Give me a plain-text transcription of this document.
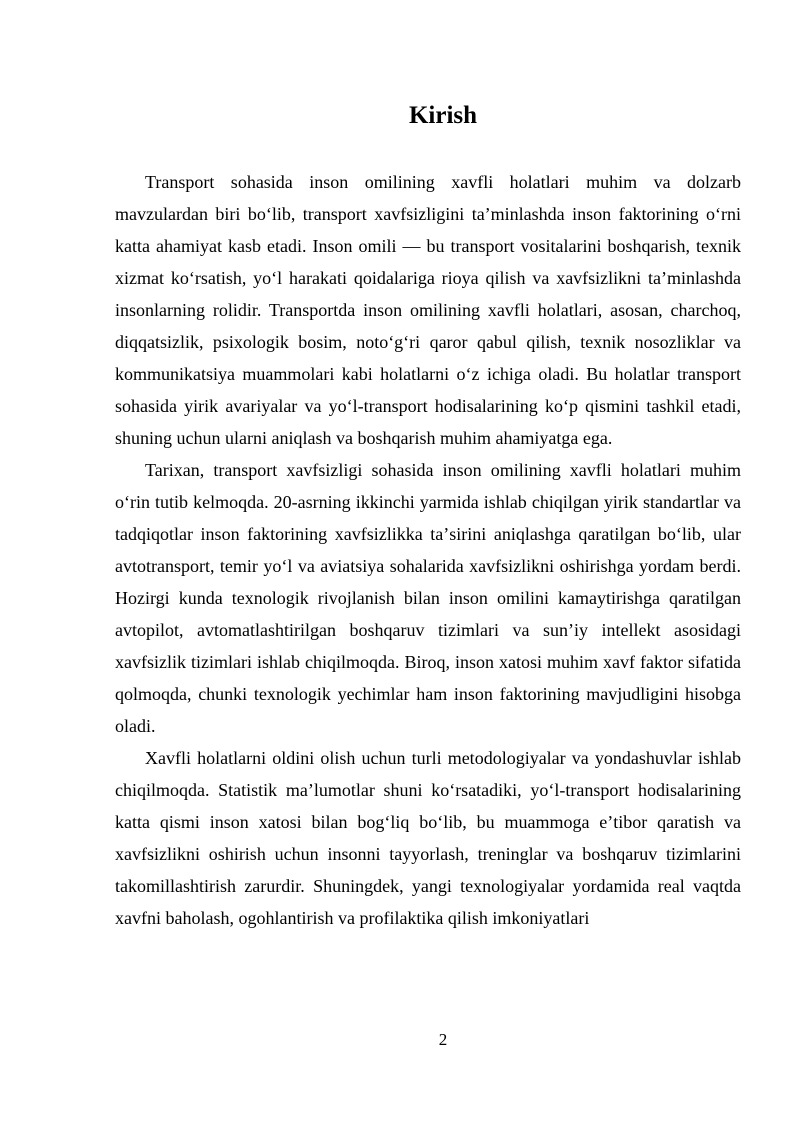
Kirish

Transport sohasida inson omilining xavfli holatlari muhim va dolzarb mavzulardan biri boʻlib, transport xavfsizligini taʼminlashda inson faktorining oʻrni katta ahamiyat kasb etadi. Inson omili — bu transport vositalarini boshqarish, texnik xizmat koʻrsatish, yoʻl harakati qoidalariga rioya qilish va xavfsizlikni taʼminlashda insonlarning rolidir. Transportda inson omilining xavfli holatlari, asosan, charchoq, diqqatsizlik, psixologik bosim, notoʻgʻri qaror qabul qilish, texnik nosozliklar va kommunikatsiya muammolari kabi holatlarni oʻz ichiga oladi. Bu holatlar transport sohasida yirik avariyalar va yoʻl-transport hodisalarining koʻp qismini tashkil etadi, shuning uchun ularni aniqlash va boshqarish muhim ahamiyatga ega.

Tarixan, transport xavfsizligi sohasida inson omilining xavfli holatlari muhim oʻrin tutib kelmoqda. 20-asrning ikkinchi yarmida ishlab chiqilgan yirik standartlar va tadqiqotlar inson faktorining xavfsizlikka taʼsirini aniqlashga qaratilgan boʻlib, ular avtotransport, temir yoʻl va aviatsiya sohalarida xavfsizlikni oshirishga yordam berdi. Hozirgi kunda texnologik rivojlanish bilan inson omilini kamaytirishga qaratilgan avtopilot, avtomatlashtirilgan boshqaruv tizimlari va sunʼiy intellekt asosidagi xavfsizlik tizimlari ishlab chiqilmoqda. Biroq, inson xatosi muhim xavf faktor sifatida qolmoqda, chunki texnologik yechimlar ham inson faktorining mavjudligini hisobga oladi.

Xavfli holatlarni oldini olish uchun turli metodologiyalar va yondashuvlar ishlab chiqilmoqda. Statistik maʼlumotlar shuni koʻrsatadiki, yoʻl-transport hodisalarining katta qismi inson xatosi bilan bogʻliq boʻlib, bu muammoga eʼtibor qaratish va xavfsizlikni oshirish uchun insonni tayyorlash, treninglar va boshqaruv tizimlarini takomillashtirish zarurdir. Shuningdek, yangi texnologiyalar yordamida real vaqtda xavfni baholash, ogohlantirish va profilaktika qilish imkoniyatlari

2
